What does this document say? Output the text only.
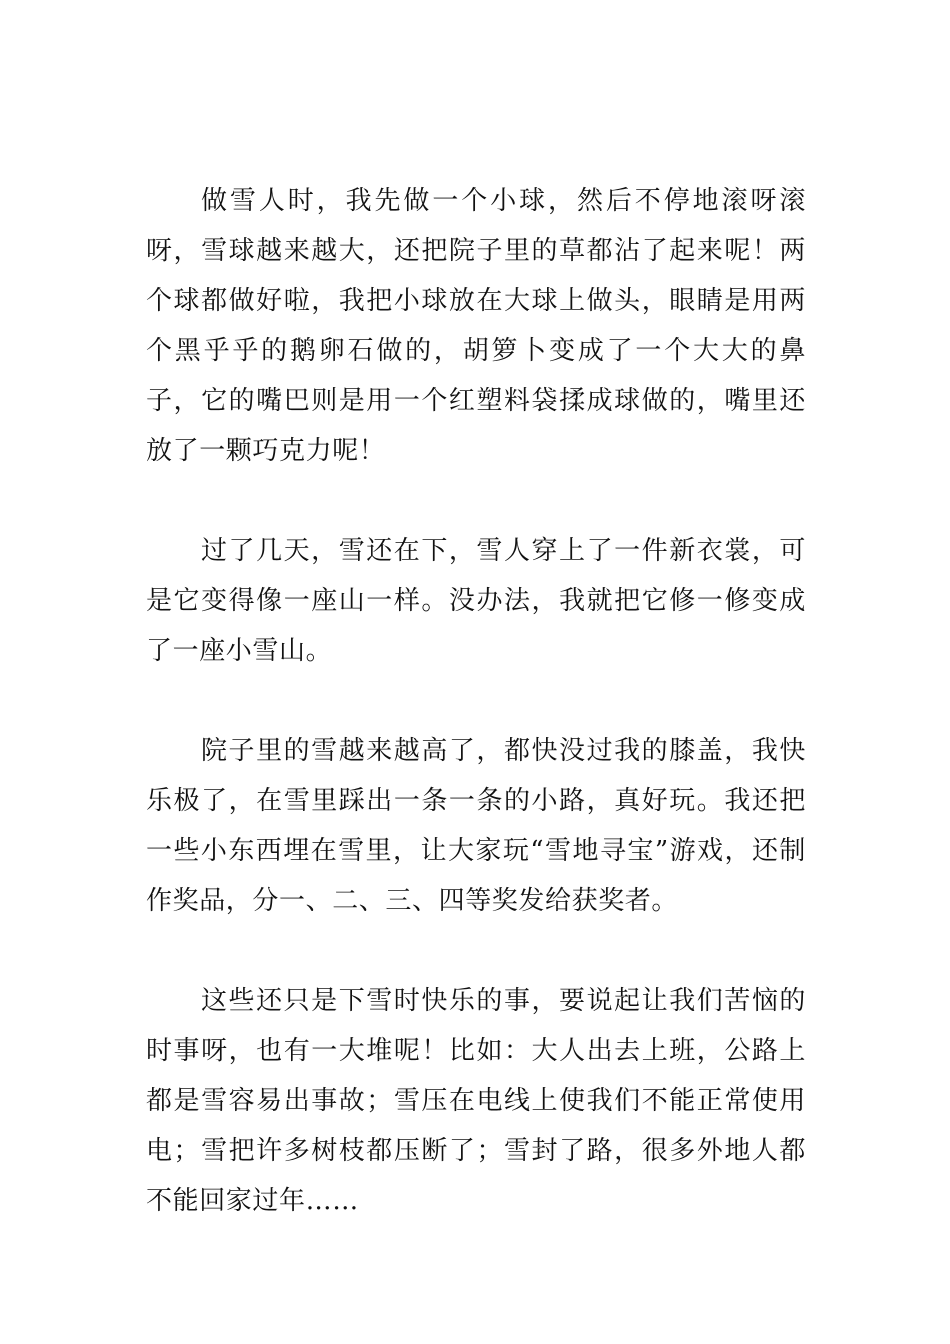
做雪人时，我先做一个小球，然后不停地滚呀滚呀，雪球越来越大，还把院子里的草都沾了起来呢！两个球都做好啦，我把小球放在大球上做头，眼睛是用两个黑乎乎的鹅卵石做的，胡箩卜变成了一个大大的鼻子，它的嘴巴则是用一个红塑料袋揉成球做的，嘴里还放了一颗巧克力呢！

过了几天，雪还在下，雪人穿上了一件新衣裳，可是它变得像一座山一样。没办法，我就把它修一修变成了一座小雪山。

院子里的雪越来越高了，都快没过我的膝盖，我快乐极了，在雪里踩出一条一条的小路，真好玩。我还把一些小东西埋在雪里，让大家玩“雪地寻宝”游戏，还制作奖品，分一、二、三、四等奖发给获奖者。

这些还只是下雪时快乐的事，要说起让我们苦恼的时事呀，也有一大堆呢！比如：大人出去上班，公路上都是雪容易出事故；雪压在电线上使我们不能正常使用电；雪把许多树枝都压断了；雪封了路，很多外地人都不能回家过年……
